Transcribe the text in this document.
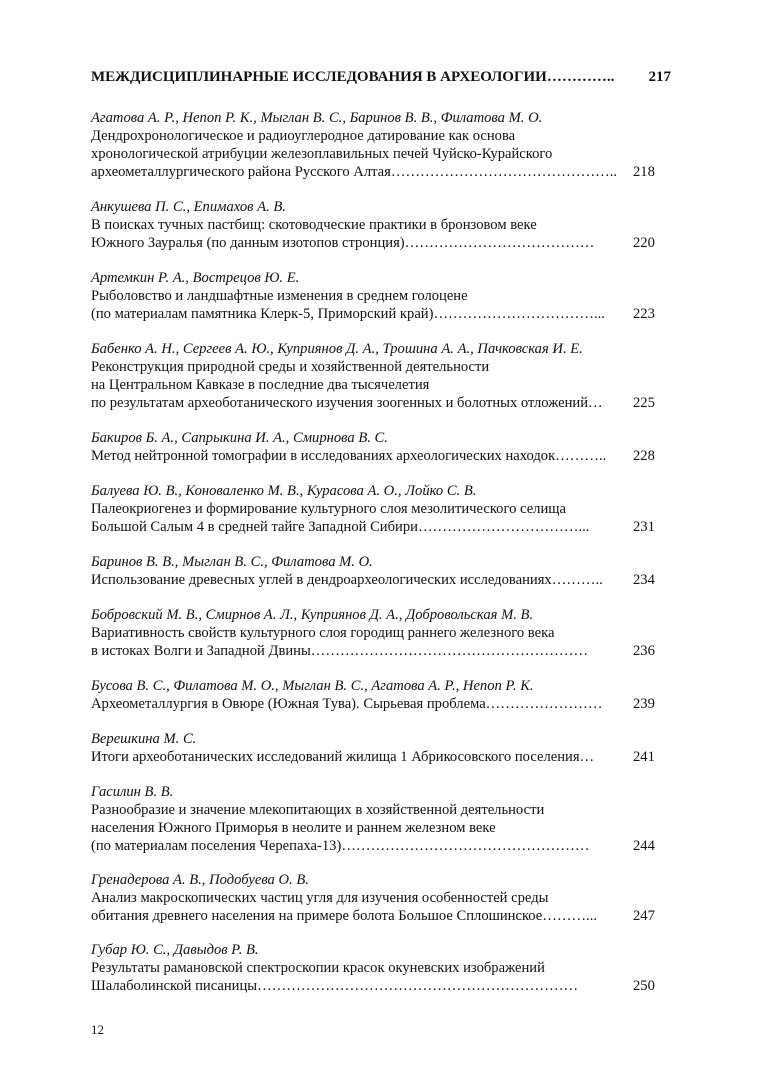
МЕЖДИСЦИПЛИНАРНЫЕ ИССЛЕДОВАНИЯ В АРХЕОЛОГИИ………….. 217
Агатова А. Р., Непоп Р. К., Мыглан В. С., Баринов В. В., Филатова М. О.
Дендрохронологическое и радиоуглеродное датирование как основа
хронологической атрибуции железоплавильных печей Чуйско-Курайского
археометаллургического района Русского Алтая……………………………………….. 218
Анкушева П. С., Епимахов А. В.
В поисках тучных пастбищ: скотоводческие практики в бронзовом веке
Южного Зауралья (по данным изотопов стронция)…………………………………	220
Артемкин Р. А., Вострецов Ю. Е.
Рыболовство и ландшафтные изменения в среднем голоцене
(по материалам памятника Клерк-5, Приморский край)……………………………... 223
Бабенко А. Н., Сергеев А. Ю., Куприянов Д. А., Трошина А. А., Пачковская И. Е.
Реконструкция природной среды и хозяйственной деятельности
на Центральном Кавказе в последние два тысячелетия
по результатам археоботанического изучения зоогенных и болотных отложений… 225
Бакиров Б. А., Сапрыкина И. А., Смирнова В. С.
Метод нейтронной томографии в исследованиях археологических находок……….. 228
Балуева Ю. В., Коноваленко М. В., Курасова А. О., Лойко С. В.
Палеокриогенез и формирование культурного слоя мезолитического селища
Большой Салым 4 в средней тайге Западной Сибири……………………………...	231
Баринов В. В., Мыглан В. С., Филатова М. О.
Использование древесных углей в дендроархеологических исследованиях……….. 234
Бобровский М. В., Смирнов А. Л., Куприянов Д. А., Добровольская М. В.
Вариативность свойств культурного слоя городищ раннего железного века
в истоках Волги и Западной Двины…………………………………………………	236
Бусова В. С., Филатова М. О., Мыглан В. С., Агатова А. Р., Непоп Р. К.
Археометаллургия в Овюре (Южная Тува). Сырьевая проблема…………………… 239
Верешкина М. С.
Итоги археоботанических исследований жилища 1 Абрикосовского поселения…	241
Гасилин В. В.
Разнообразие и значение млекопитающих в хозяйственной деятельности
населения Южного Приморья в неолите и раннем железном веке
(по материалам поселения Черепаха-13)……………………………………………	244
Гренадерова А. В., Подобуева О. В.
Анализ макроскопических частиц угля для изучения особенностей среды
обитания древнего населения на примере болота Большое Сплошинское………... 247
Губар Ю. С., Давыдов Р. В.
Результаты рамановской спектроскопии красок окуневских изображений
Шалаболинской писаницы…………………………………………………………	250
12
